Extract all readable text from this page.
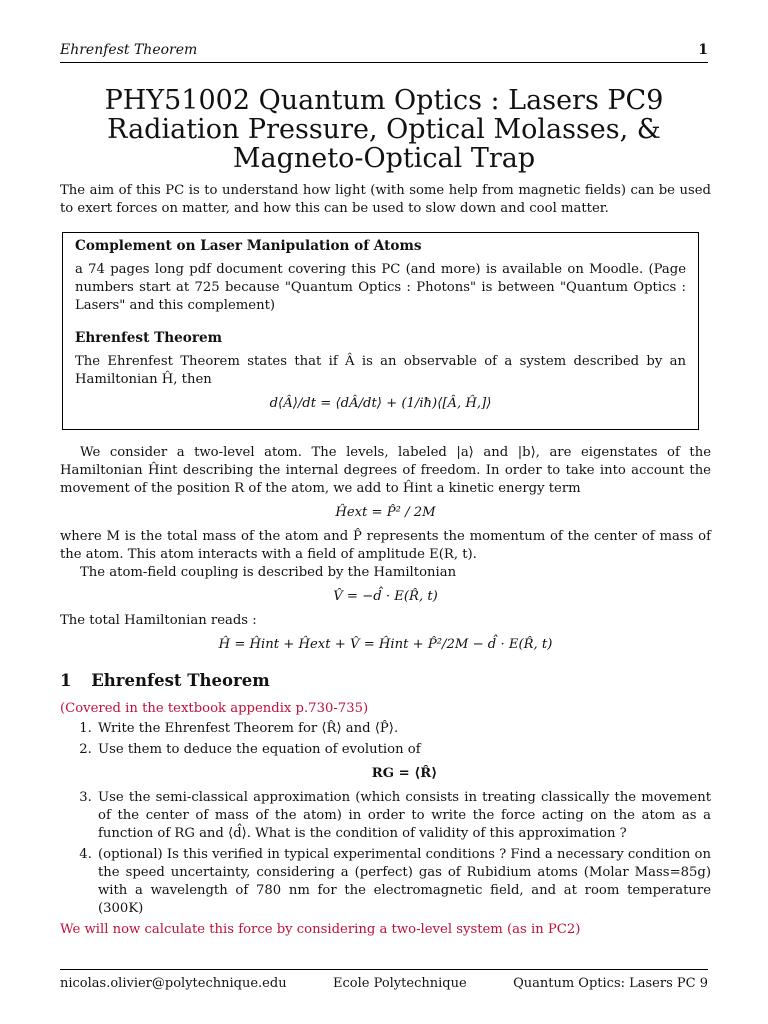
Ehrenfest Theorem	1
PHY51002 Quantum Optics : Lasers PC9
Radiation Pressure, Optical Molasses, &
Magneto-Optical Trap

The aim of this PC is to understand how light (with some help from magnetic fields) can be used to exert forces on matter, and how this can be used to slow down and cool matter.

Complement on Laser Manipulation of Atoms

a 74 pages long pdf document covering this PC (and more) is available on Moodle. (Page numbers start at 725 because "Quantum Optics : Photons" is between "Quantum Optics : Lasers" and this complement)

Ehrenfest Theorem

The Ehrenfest Theorem states that if Â is an observable of a system described by an Hamiltonian Ĥ, then

d⟨Â⟩/dt = ⟨dÂ/dt⟩ + (1/iħ)⟨[Â, Ĥ,]⟩

We consider a two-level atom. The levels, labeled |a⟩ and |b⟩, are eigenstates of the Hamiltonian Ĥint describing the internal degrees of freedom. In order to take into account the movement of the position R of the atom, we add to Ĥint a kinetic energy term

Ĥext = P̂² / 2M

where M is the total mass of the atom and P̂ represents the momentum of the center of mass of the atom. This atom interacts with a field of amplitude E(R, t).

The atom-field coupling is described by the Hamiltonian

V̂ = −d̂ · E(R̂, t)

The total Hamiltonian reads :

Ĥ = Ĥint + Ĥext + V̂ = Ĥint + P̂²/2M − d̂ · E(R̂, t)
1 Ehrenfest Theorem

(Covered in the textbook appendix p.730-735)

1. Write the Ehrenfest Theorem for ⟨R̂⟩ and ⟨P̂⟩.
2. Use them to deduce the equation of evolution of
RG = ⟨R̂⟩
3. Use the semi-classical approximation (which consists in treating classically the movement of the center of mass of the atom) in order to write the force acting on the atom as a function of RG and ⟨d̂⟩. What is the condition of validity of this approximation ?
4. (optional) Is this verified in typical experimental conditions ? Find a necessary condition on the speed uncertainty, considering a (perfect) gas of Rubidium atoms (Molar Mass=85g) with a wavelength of 780 nm for the electromagnetic field, and at room temperature (300K)

We will now calculate this force by considering a two-level system (as in PC2)

nicolas.olivier@polytechnique.edu	Ecole Polytechnique	Quantum Optics: Lasers PC 9
